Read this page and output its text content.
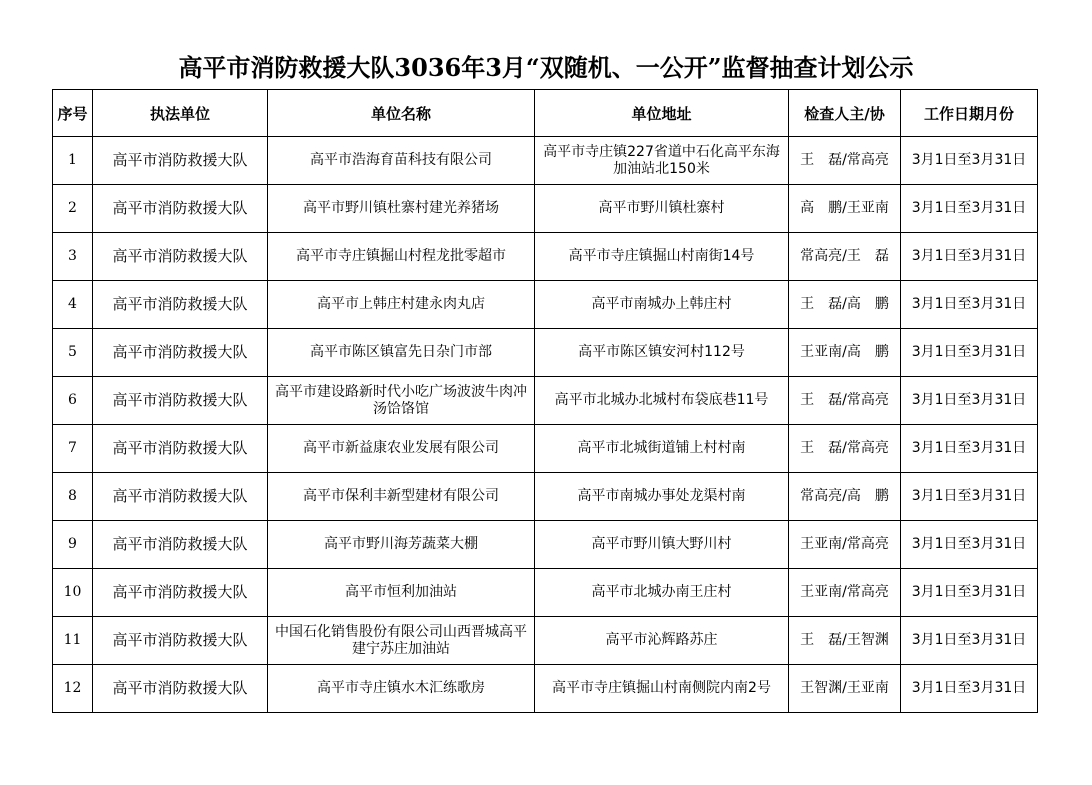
高平市消防救援大队3036年3月“双随机、一公开”监督抽查计划公示
序号	执法单位	单位名称	单位地址	检查人主/协	工作日期月份
1	高平市消防救援大队	高平市浩海育苗科技有限公司	高平市寺庄镇227省道中石化高平东海加油站北150米	王　磊/常高亮	3月1日至3月31日
2	高平市消防救援大队	高平市野川镇杜寨村建光养猪场	高平市野川镇杜寨村	高　鹏/王亚南	3月1日至3月31日
3	高平市消防救援大队	高平市寺庄镇掘山村程龙批零超市	高平市寺庄镇掘山村南街14号	常高亮/王　磊	3月1日至3月31日
4	高平市消防救援大队	高平市上韩庄村建永肉丸店	高平市南城办上韩庄村	王　磊/高　鹏	3月1日至3月31日
5	高平市消防救援大队	高平市陈区镇富先日杂门市部	高平市陈区镇安河村112号	王亚南/高　鹏	3月1日至3月31日
6	高平市消防救援大队	高平市建设路新时代小吃广场波波牛肉冲汤饸饹馆	高平市北城办北城村布袋底巷11号	王　磊/常高亮	3月1日至3月31日
7	高平市消防救援大队	高平市新益康农业发展有限公司	高平市北城街道铺上村村南	王　磊/常高亮	3月1日至3月31日
8	高平市消防救援大队	高平市保利丰新型建材有限公司	高平市南城办事处龙渠村南	常高亮/高　鹏	3月1日至3月31日
9	高平市消防救援大队	高平市野川海芳蔬菜大棚	高平市野川镇大野川村	王亚南/常高亮	3月1日至3月31日
10	高平市消防救援大队	高平市恒利加油站	高平市北城办南王庄村	王亚南/常高亮	3月1日至3月31日
11	高平市消防救援大队	中国石化销售股份有限公司山西晋城高平建宁苏庄加油站	高平市沁辉路苏庄	王　磊/王智渊	3月1日至3月31日
12	高平市消防救援大队	高平市寺庄镇水木汇练歌房	高平市寺庄镇掘山村南侧院内南2号	王智渊/王亚南	3月1日至3月31日
